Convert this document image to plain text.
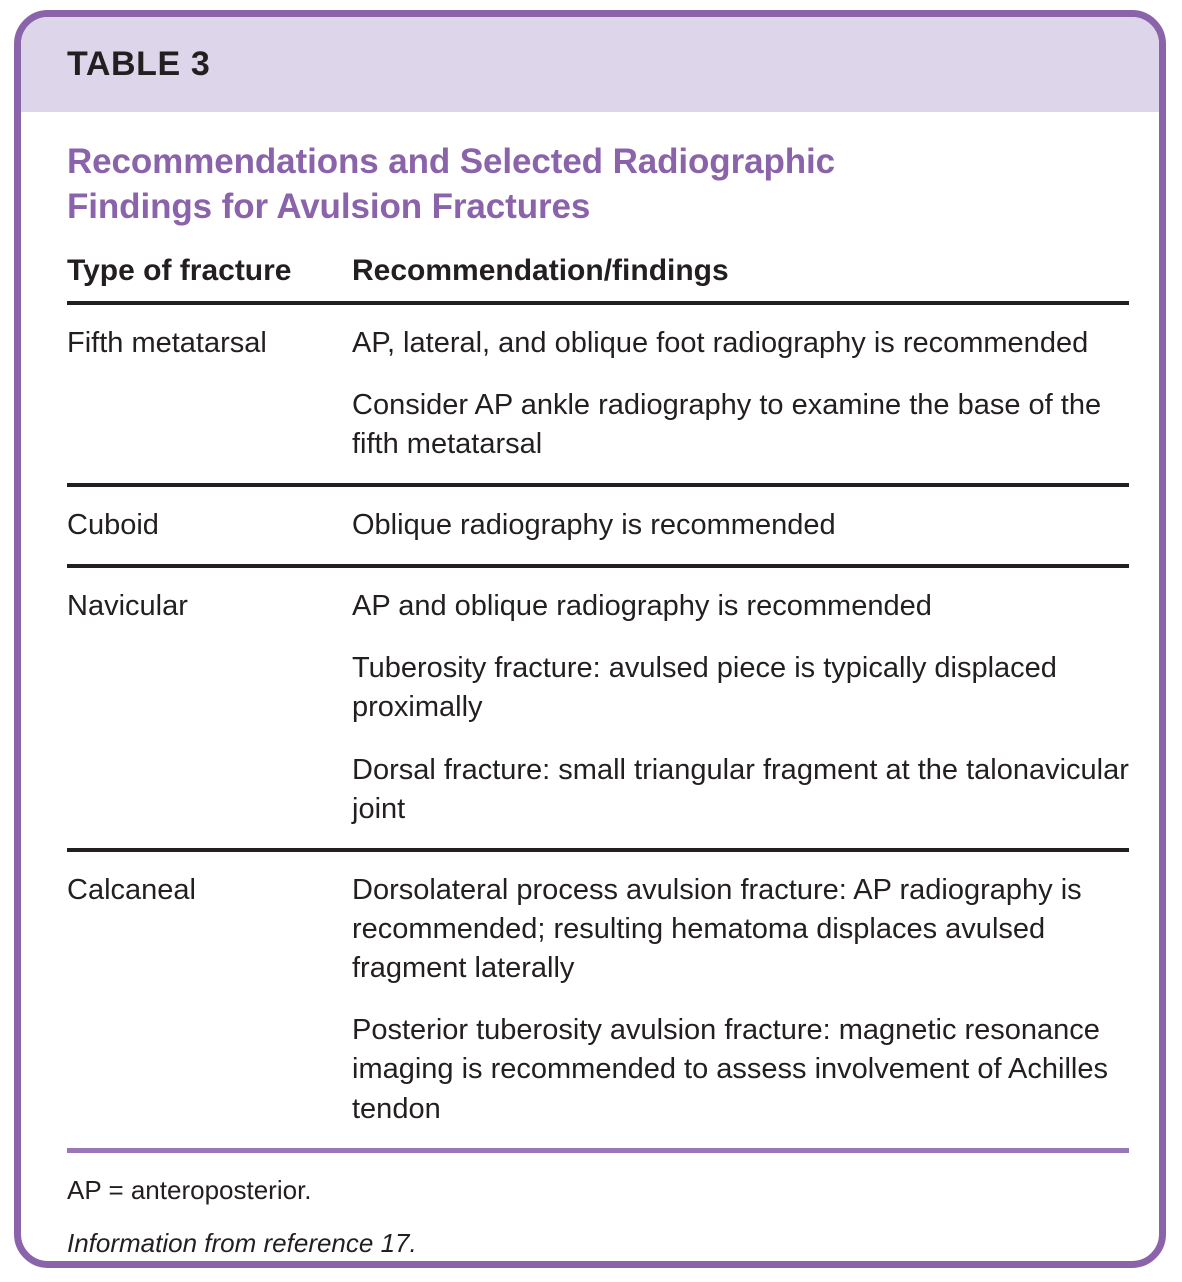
TABLE 3
Recommendations and Selected Radiographic
Findings for Avulsion Fractures
Type of fracture	Recommendation/findings
Fifth metatarsal	AP, lateral, and oblique foot radiography is recommended

Consider AP ankle radiography to examine the base of the fifth metatarsal

Cuboid	Oblique radiography is recommended

Navicular	AP and oblique radiography is recommended

Tuberosity fracture: avulsed piece is typically displaced proximally

Dorsal fracture: small triangular fragment at the talonavicular joint

Calcaneal	Dorsolateral process avulsion fracture: AP radiography is recommended; resulting hematoma displaces avulsed fragment laterally

Posterior tuberosity avulsion fracture: magnetic resonance imaging is recommended to assess involvement of Achilles tendon

AP = anteroposterior.
Information from reference 17.
